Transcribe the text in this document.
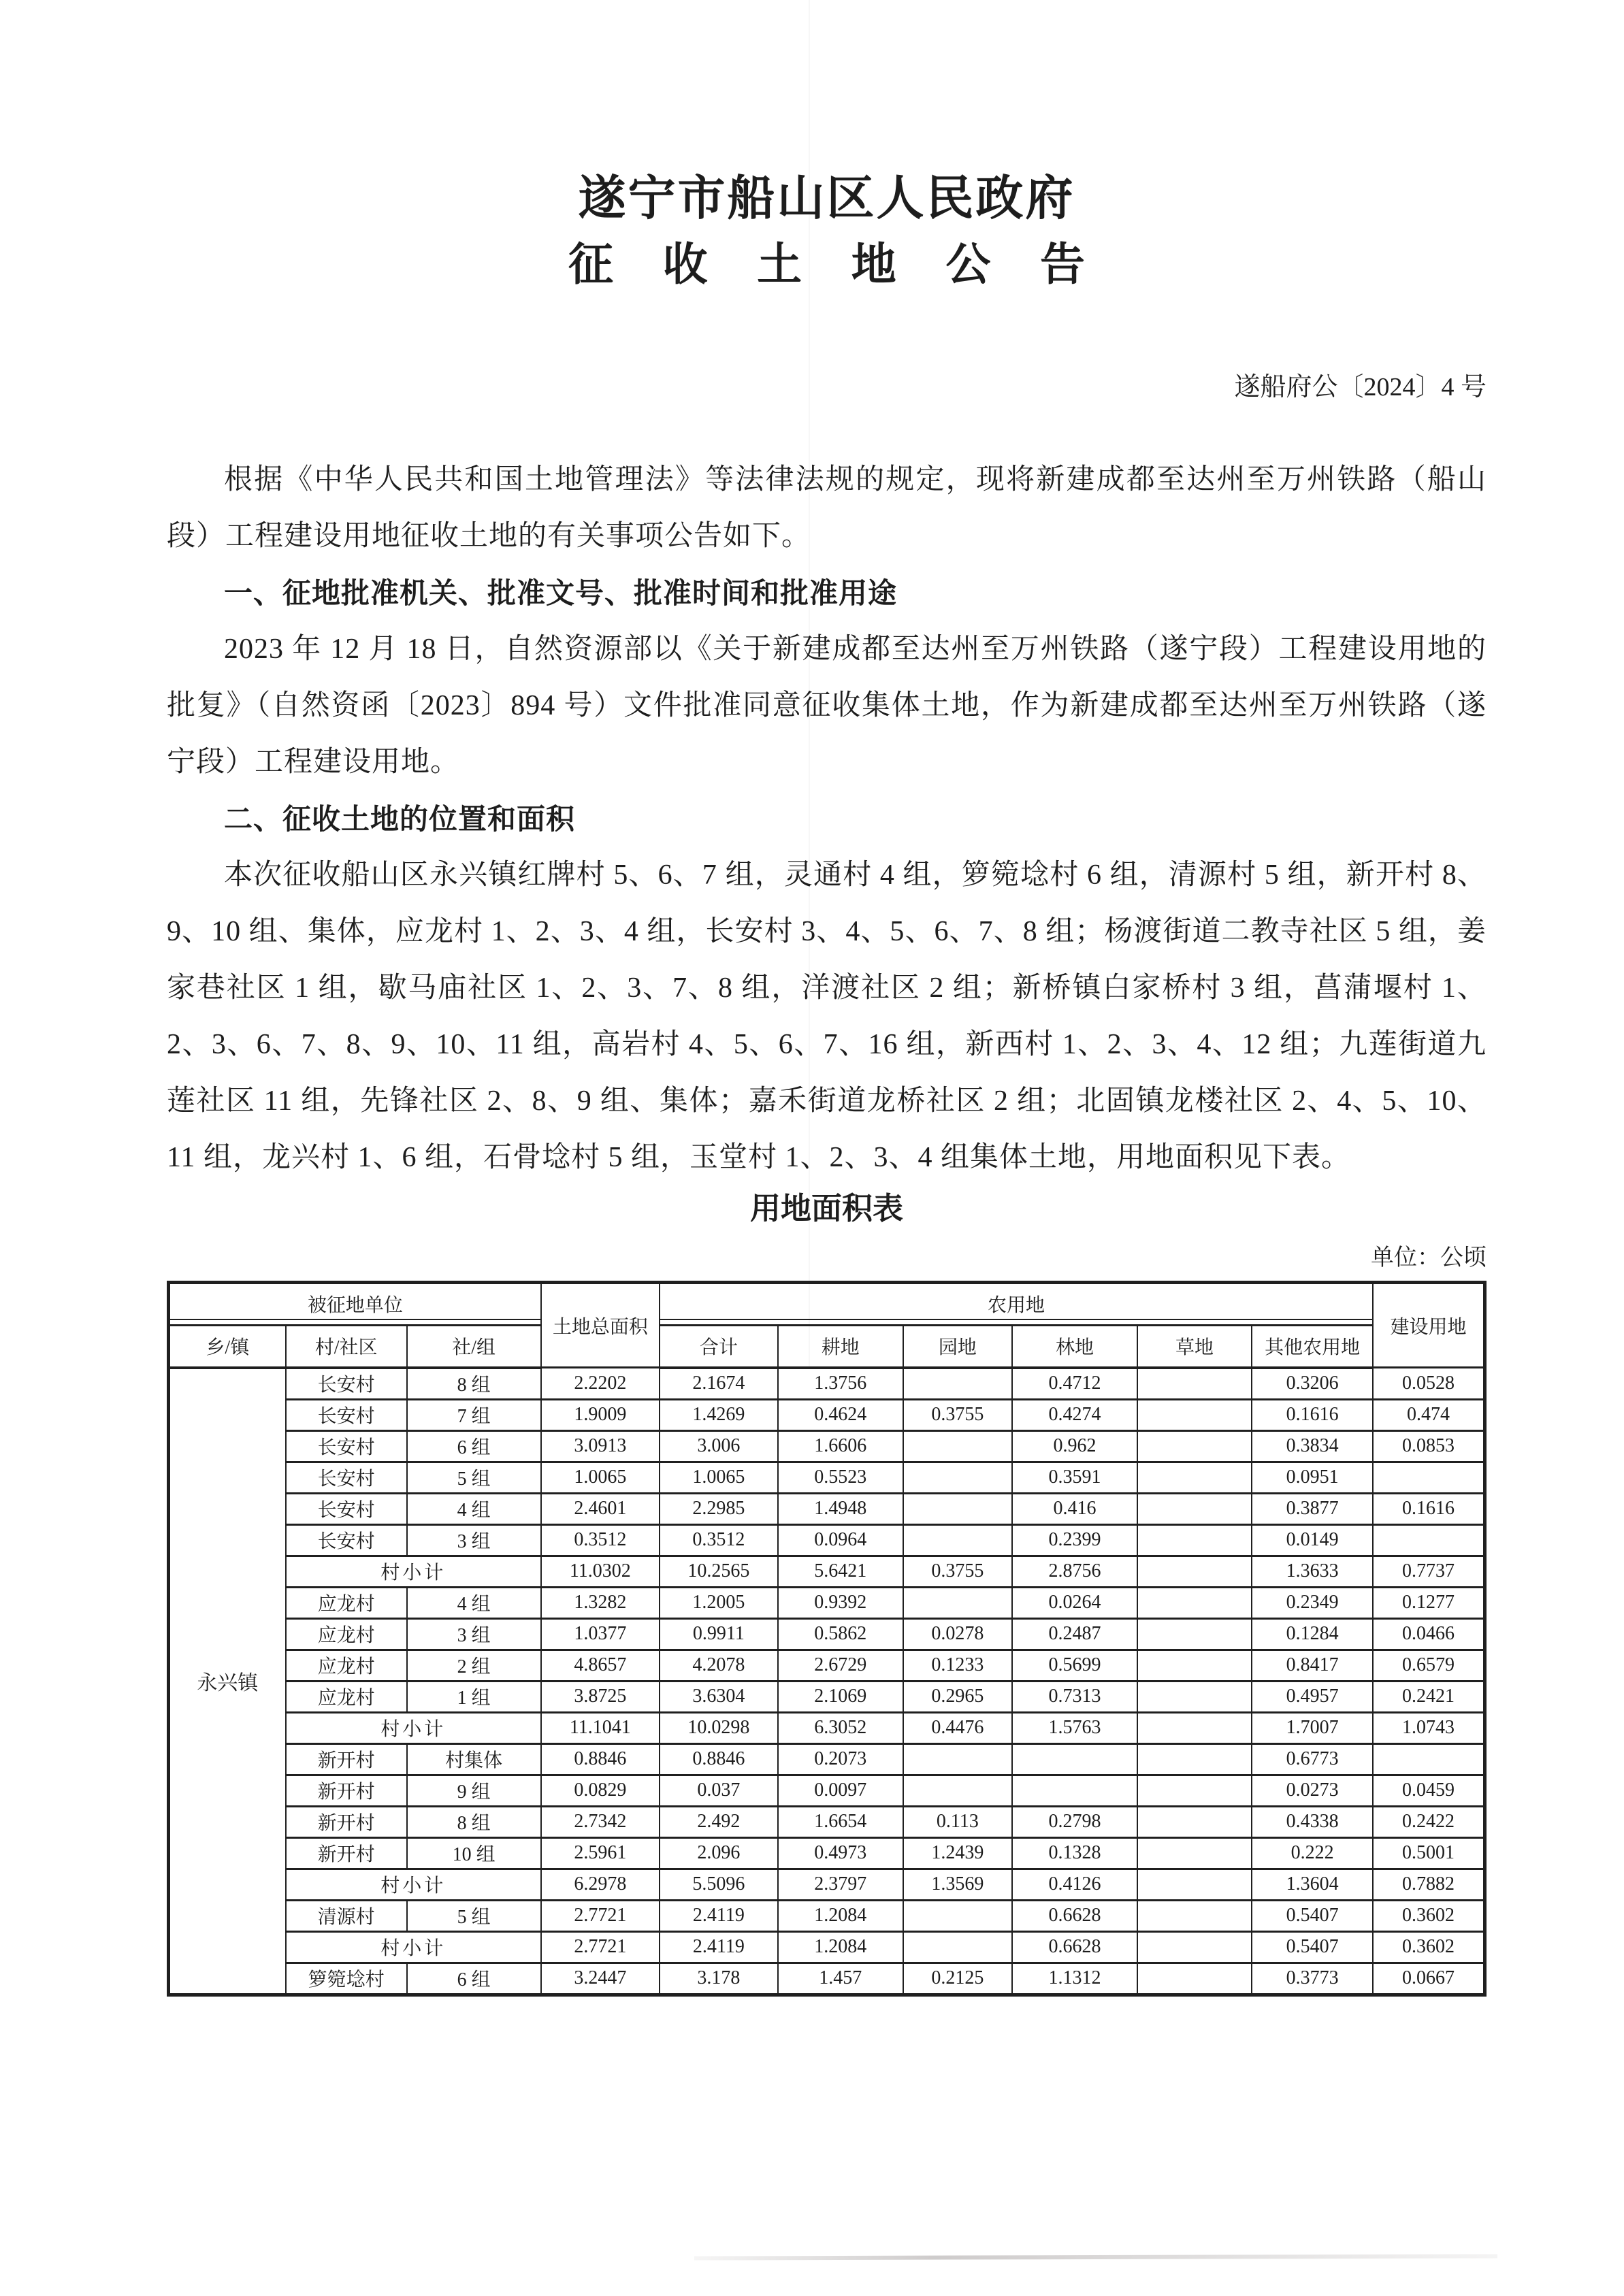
遂宁市船山区人民政府
征收土地公告
遂船府公〔2024〕4 号

根据《中华人民共和国土地管理法》等法律法规的规定，现将新建成都至达州至万州铁路（船山段）工程建设用地征收土地的有关事项公告如下。

一、征地批准机关、批准文号、批准时间和批准用途

2023 年 12 月 18 日，自然资源部以《关于新建成都至达州至万州铁路（遂宁段）工程建设用地的批复》（自然资函〔2023〕894 号）文件批准同意征收集体土地，作为新建成都至达州至万州铁路（遂宁段）工程建设用地。

二、征收土地的位置和面积

本次征收船山区永兴镇红牌村 5、6、7 组，灵通村 4 组，箩箢埝村 6 组，清源村 5 组，新开村 8、9、10 组、集体，应龙村 1、2、3、4 组，长安村 3、4、5、6、7、8 组；杨渡街道二教寺社区 5 组，姜家巷社区 1 组，歇马庙社区 1、2、3、7、8 组，洋渡社区 2 组；新桥镇白家桥村 3 组，菖蒲堰村 1、2、3、6、7、8、9、10、11 组，高岩村 4、5、6、7、16 组，新西村 1、2、3、4、12 组；九莲街道九莲社区 11 组，先锋社区 2、8、9 组、集体；嘉禾街道龙桥社区 2 组；北固镇龙楼社区 2、4、5、10、11 组，龙兴村 1、6 组，石骨埝村 5 组，玉堂村 1、2、3、4 组集体土地，用地面积见下表。

用地面积表
单位：公顷
被征地单位			土地总面积	农用地						建设用地
乡/镇	村/社区	社/组		合计	耕地	园地	林地	草地	其他农用地	
永兴镇	长安村	8 组	2.2202	2.1674	1.3756		0.4712		0.3206	0.0528
	长安村	7 组	1.9009	1.4269	0.4624	0.3755	0.4274		0.1616	0.474
	长安村	6 组	3.0913	3.006	1.6606		0.962		0.3834	0.0853
	长安村	5 组	1.0065	1.0065	0.5523		0.3591		0.0951	
	长安村	4 组	2.4601	2.2985	1.4948		0.416		0.3877	0.1616
	长安村	3 组	0.3512	0.3512	0.0964		0.2399		0.0149	
	村小计		11.0302	10.2565	5.6421	0.3755	2.8756		1.3633	0.7737
	应龙村	4 组	1.3282	1.2005	0.9392		0.0264		0.2349	0.1277
	应龙村	3 组	1.0377	0.9911	0.5862	0.0278	0.2487		0.1284	0.0466
	应龙村	2 组	4.8657	4.2078	2.6729	0.1233	0.5699		0.8417	0.6579
	应龙村	1 组	3.8725	3.6304	2.1069	0.2965	0.7313		0.4957	0.2421
	村小计		11.1041	10.0298	6.3052	0.4476	1.5763		1.7007	1.0743
	新开村	村集体	0.8846	0.8846	0.2073				0.6773	
	新开村	9 组	0.0829	0.037	0.0097				0.0273	0.0459
	新开村	8 组	2.7342	2.492	1.6654	0.113	0.2798		0.4338	0.2422
	新开村	10 组	2.5961	2.096	0.4973	1.2439	0.1328		0.222	0.5001
	村小计		6.2978	5.5096	2.3797	1.3569	0.4126		1.3604	0.7882
	清源村	5 组	2.7721	2.4119	1.2084		0.6628		0.5407	0.3602
	村小计		2.7721	2.4119	1.2084		0.6628		0.5407	0.3602
	箩箢埝村	6 组	3.2447	3.178	1.457	0.2125	1.1312		0.3773	0.0667
